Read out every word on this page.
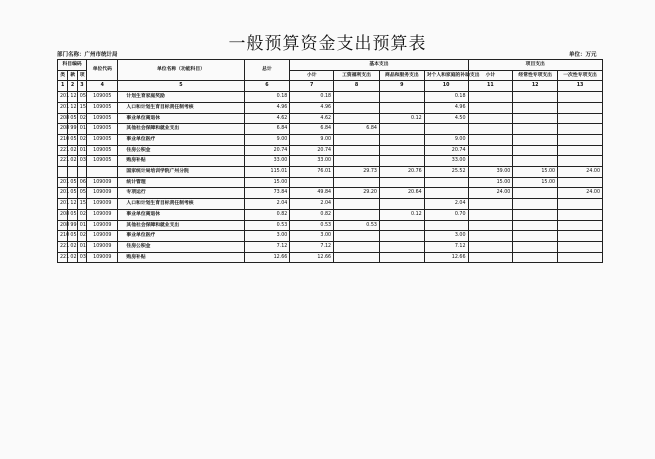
一般预算资金支出预算表
部门名称：广州市统计局	单位：万元
科目编码			单位代码	单位名称（功能科目）	总计	基本支出				项目支出		
类	款	项				小计	工资福利支出	商品和服务支出	对个人和家庭的补助支出	小计	经常性专项支出	一次性专项支出

1	2	3	4	5	6	7	8	9	10	11	12	13
201	12	05	109005	计划生育家庭奖励	0.18	0.18			0.18			
201	12	15	109005	人口和计划生育目标责任制考核	4.96	4.96			4.96			
208	05	02	109005	事业单位离退休	4.62	4.62		0.12	4.50			
208	99	01	109005	其他社会保障和就业支出	6.84	6.84	6.84					
210	05	02	109005	事业单位医疗	9.00	9.00			9.00			
221	02	01	109005	住房公积金	20.74	20.74			20.74			
221	02	03	109005	购房补贴	33.00	33.00			33.00			
				国家统计局培训学院广州分院	115.01	76.01	29.73	20.76	25.52	39.00	15.00	24.00
201	05	06	109009	统计管理	15.00					15.00	15.00	
201	05	05	109009	专项运行	73.84	49.84	29.20	20.64		24.00		24.00
201	12	15	109009	人口和计划生育目标责任制考核	2.04	2.04			2.04			
208	05	02	109009	事业单位离退休	0.82	0.82		0.12	0.70			
208	99	01	109009	其他社会保障和就业支出	0.53	0.53	0.53					
210	05	02	109009	事业单位医疗	3.00	3.00			3.00			
221	02	01	109009	住房公积金	7.12	7.12			7.12			
221	02	03	109009	购房补贴	12.66	12.66			12.66			
